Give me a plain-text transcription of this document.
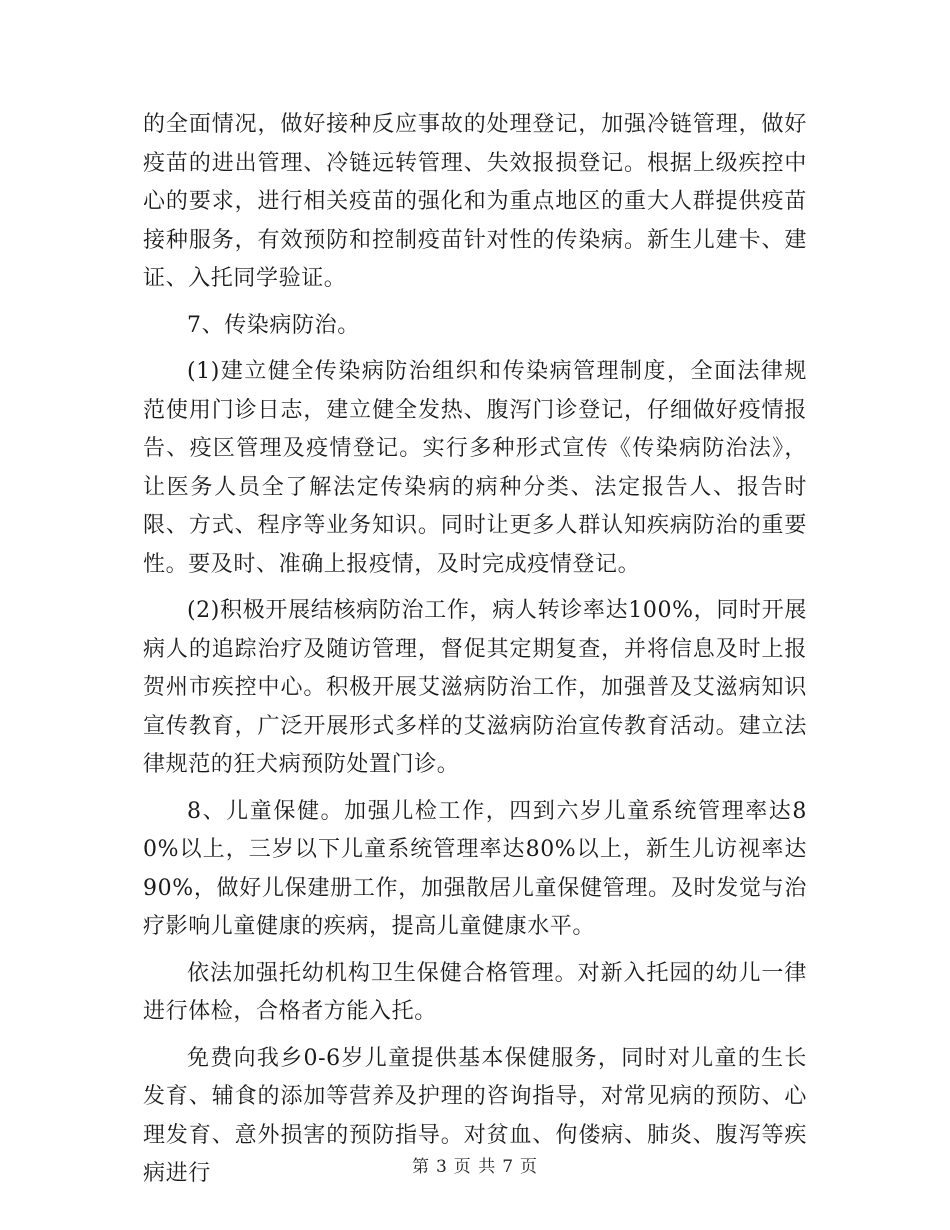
的全面情况，做好接种反应事故的处理登记，加强冷链管理，做好疫苗的进出管理、冷链远转管理、失效报损登记。根据上级疾控中心的要求，进行相关疫苗的强化和为重点地区的重大人群提供疫苗接种服务，有效预防和控制疫苗针对性的传染病。新生儿建卡、建证、入托同学验证。

7、传染病防治。

(1)建立健全传染病防治组织和传染病管理制度，全面法律规范使用门诊日志，建立健全发热、腹泻门诊登记，仔细做好疫情报告、疫区管理及疫情登记。实行多种形式宣传《传染病防治法》，让医务人员全了解法定传染病的病种分类、法定报告人、报告时限、方式、程序等业务知识。同时让更多人群认知疾病防治的重要性。要及时、准确上报疫情，及时完成疫情登记。

(2)积极开展结核病防治工作，病人转诊率达100%，同时开展病人的追踪治疗及随访管理，督促其定期复查，并将信息及时上报贺州市疾控中心。积极开展艾滋病防治工作，加强普及艾滋病知识宣传教育，广泛开展形式多样的艾滋病防治宣传教育活动。建立法律规范的狂犬病预防处置门诊。

8、儿童保健。加强儿检工作，四到六岁儿童系统管理率达80%以上，三岁以下儿童系统管理率达80%以上，新生儿访视率达90%，做好儿保建册工作，加强散居儿童保健管理。及时发觉与治疗影响儿童健康的疾病，提高儿童健康水平。

依法加强托幼机构卫生保健合格管理。对新入托园的幼儿一律进行体检，合格者方能入托。

免费向我乡0-6岁儿童提供基本保健服务，同时对儿童的生长发育、辅食的添加等营养及护理的咨询指导，对常见病的预防、心理发育、意外损害的预防指导。对贫血、佝偻病、肺炎、腹泻等疾病进行	第 3 页 共 7 页
